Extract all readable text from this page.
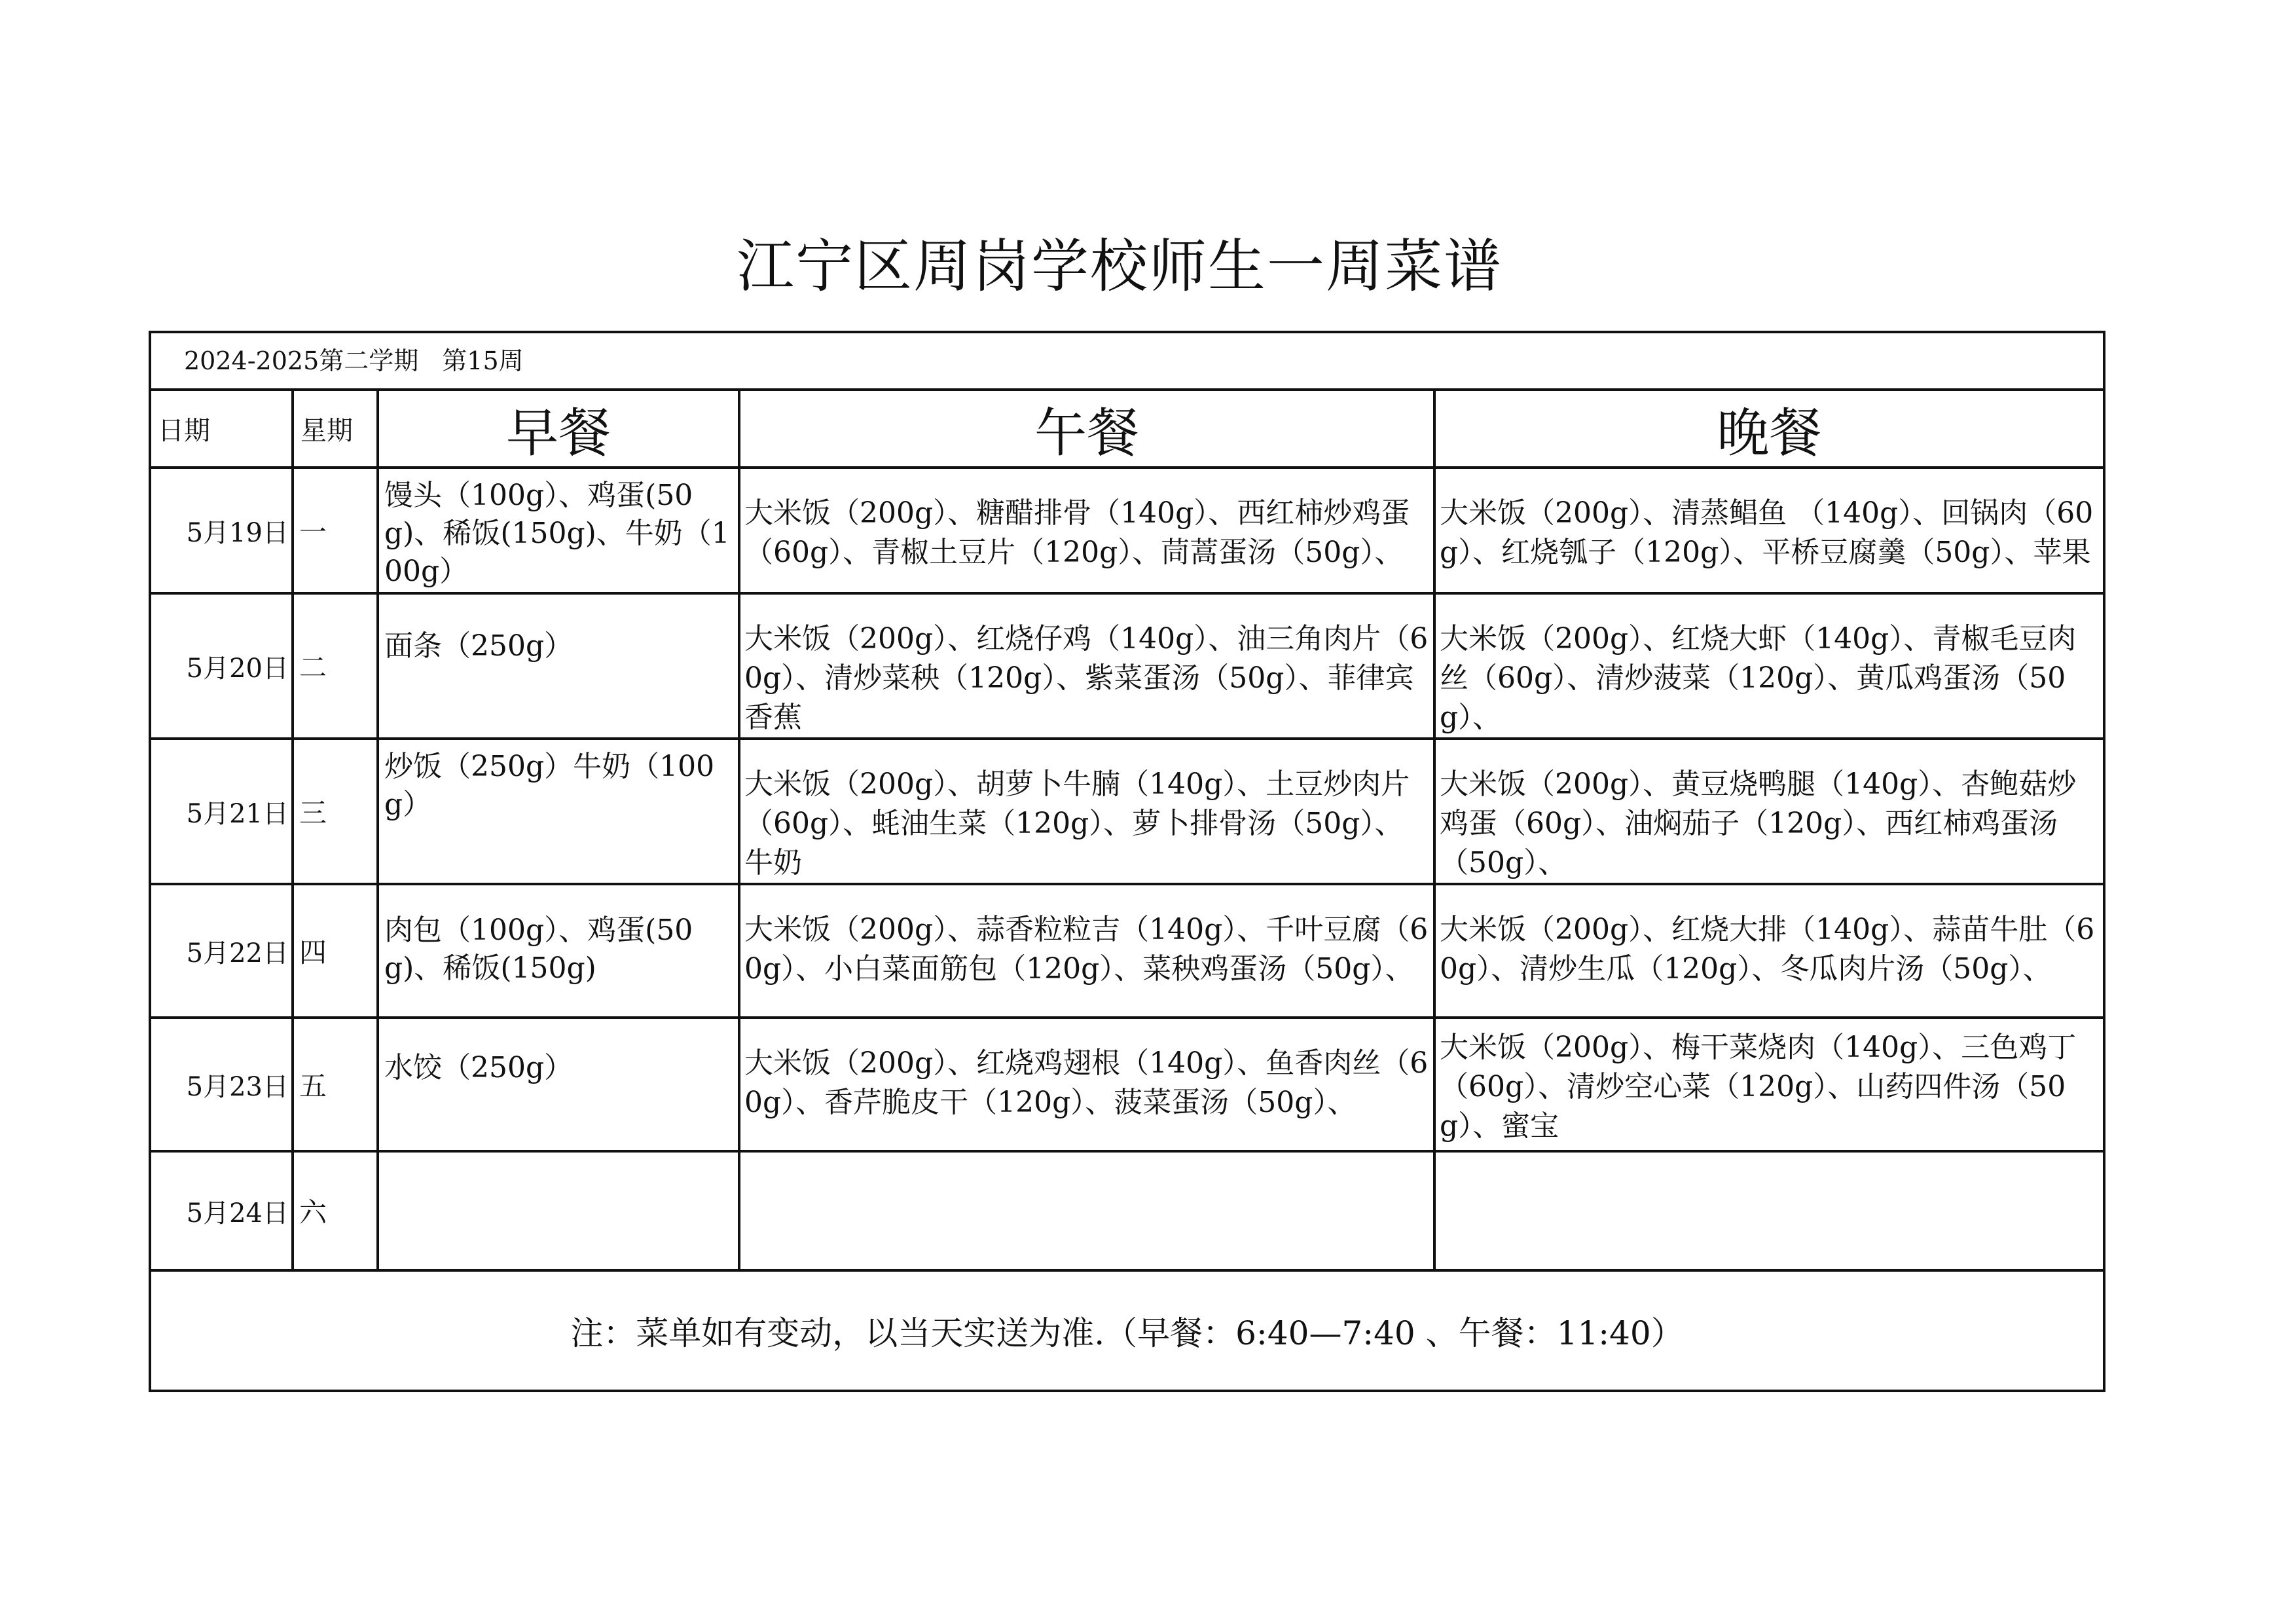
江宁区周岗学校师生一周菜谱
2024-2025第二学期 第15周				
日期	星期	早餐	午餐	晚餐
5月19日	一	馒头（100g）、鸡蛋(50g)、稀饭(150g)、牛奶（100g）	大米饭（200g）、糖醋排骨（140g）、西红柿炒鸡蛋（60g）、青椒土豆片（120g）、茼蒿蛋汤（50g）、	大米饭（200g）、清蒸鲳鱼 （140g）、回锅肉（60g）、红烧瓠子（120g）、平桥豆腐羹（50g）、苹果
5月20日	二	面条（250g）	大米饭（200g）、红烧仔鸡（140g）、油三角肉片（60g）、清炒菜秧（120g）、紫菜蛋汤（50g）、菲律宾香蕉	大米饭（200g）、红烧大虾（140g）、青椒毛豆肉丝（60g）、清炒菠菜（120g）、黄瓜鸡蛋汤（50g）、
5月21日	三	炒饭（250g）牛奶（100g）	大米饭（200g）、胡萝卜牛腩（140g）、土豆炒肉片（60g）、蚝油生菜（120g）、萝卜排骨汤（50g）、牛奶	大米饭（200g）、黄豆烧鸭腿（140g）、杏鲍菇炒鸡蛋（60g）、油焖茄子（120g）、西红柿鸡蛋汤（50g）、
5月22日	四	肉包（100g）、鸡蛋(50g)、稀饭(150g)	大米饭（200g）、蒜香粒粒吉（140g）、千叶豆腐（60g）、小白菜面筋包（120g）、菜秧鸡蛋汤（50g）、	大米饭（200g）、红烧大排（140g）、蒜苗牛肚（60g）、清炒生瓜（120g）、冬瓜肉片汤（50g）、
5月23日	五	水饺（250g）	大米饭（200g）、红烧鸡翅根（140g）、鱼香肉丝（60g）、香芹脆皮干（120g）、菠菜蛋汤（50g）、	大米饭（200g）、梅干菜烧肉（140g）、三色鸡丁（60g）、清炒空心菜（120g）、山药四件汤（50g）、蜜宝
5月24日	六			
注：菜单如有变动，以当天实送为准.（早餐：6:40—7:40 、午餐：11:40）				
